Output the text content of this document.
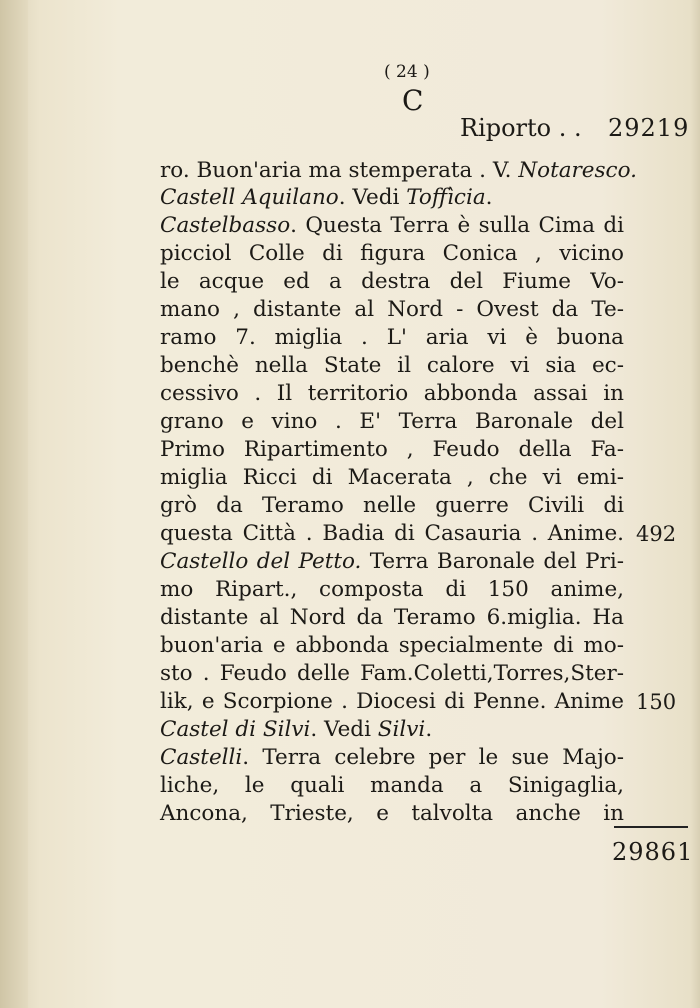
( 24 )
C
Riporto . . 29219
ro. Buon'aria ma stemperata . V. Notaresco.
Castell Aquilano. Vedi Toffìcia.
Castelbasso. Questa Terra è sulla Cima di
picciol Colle di figura Conica , vicino
le acque ed a destra del Fiume Vo-
mano , distante al Nord - Ovest da Te-
ramo 7. miglia . L' aria vi è buona
benchè nella State il calore vi sia ec-
cessivo . Il territorio abbonda assai in
grano e vino . E' Terra Baronale del
Primo Ripartimento , Feudo della Fa-
miglia Ricci di Macerata , che vi emi-
grò da Teramo nelle guerre Civili di
questa Città . Badia di Casauria . Anime. 492
Castello del Petto. Terra Baronale del Pri-
mo Ripart., composta di 150 anime,
distante al Nord da Teramo 6.miglia. Ha
buon'aria e abbonda specialmente di mo-
sto . Feudo delle Fam.Coletti,Torres,Ster-
lik, e Scorpione . Diocesi di Penne. Anime 150
Castel di Silvi. Vedi Silvi.
Castelli. Terra celebre per le sue Majo-
liche, le quali manda a Sinigaglia,
Ancona, Trieste, e talvolta anche in
29861
